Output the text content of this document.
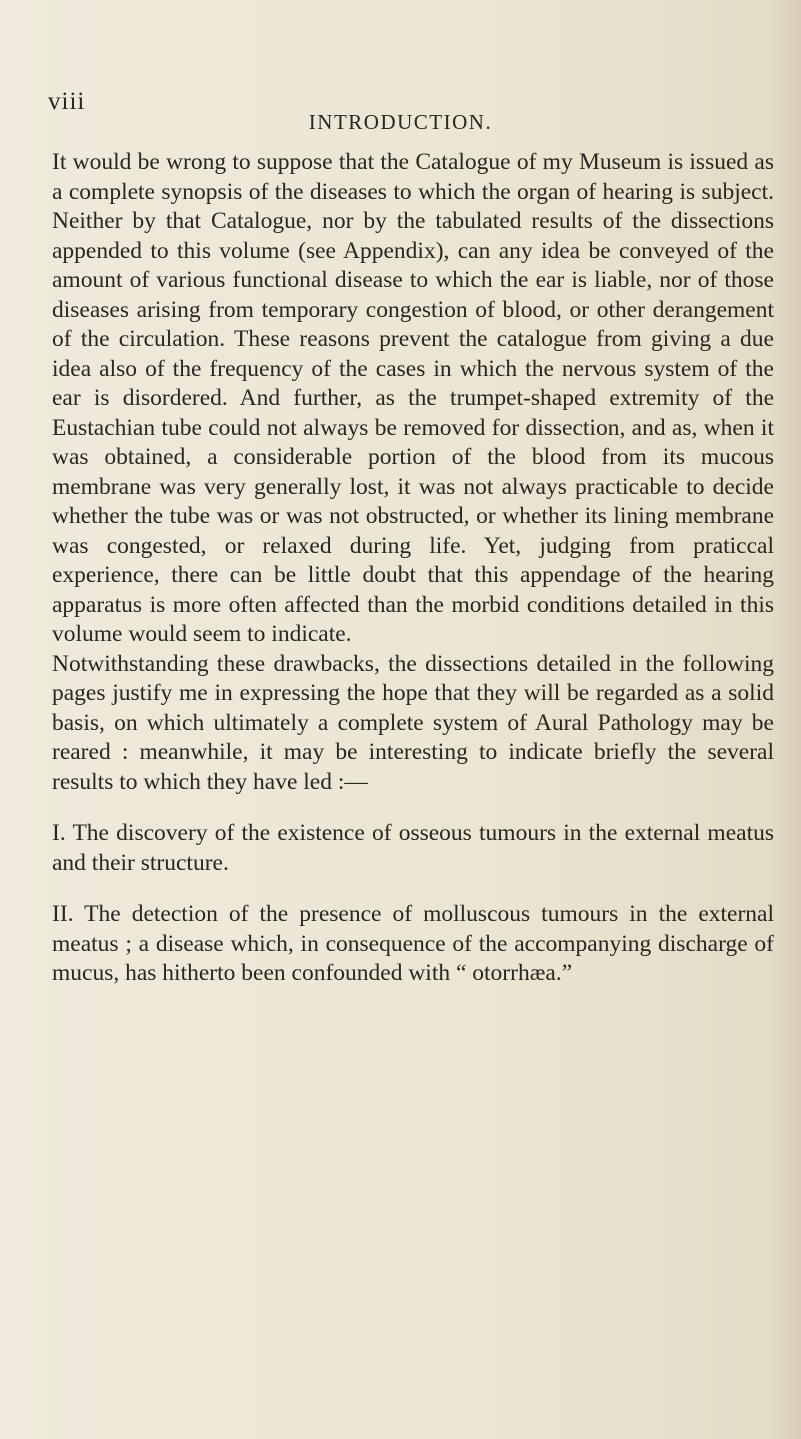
viii
INTRODUCTION.

It would be wrong to suppose that the Catalogue of my Museum is issued as a complete synopsis of the diseases to which the organ of hearing is subject. Neither by that Catalogue, nor by the tabulated results of the dissections appended to this volume (see Appendix), can any idea be conveyed of the amount of various functional disease to which the ear is liable, nor of those diseases arising from temporary congestion of blood, or other derangement of the circulation. These reasons prevent the catalogue from giving a due idea also of the frequency of the cases in which the nervous system of the ear is disordered. And further, as the trumpet-shaped extremity of the Eustachian tube could not always be removed for dissection, and as, when it was obtained, a considerable portion of the blood from its mucous membrane was very generally lost, it was not always practicable to decide whether the tube was or was not obstructed, or whether its lining membrane was congested, or relaxed during life. Yet, judging from praticcal experience, there can be little doubt that this appendage of the hearing apparatus is more often affected than the morbid conditions detailed in this volume would seem to indicate.

Notwithstanding these drawbacks, the dissections detailed in the following pages justify me in expressing the hope that they will be regarded as a solid basis, on which ultimately a complete system of Aural Pathology may be reared : meanwhile, it may be interesting to indicate briefly the several results to which they have led :—

I. The discovery of the existence of osseous tumours in the external meatus and their structure.

II. The detection of the presence of molluscous tumours in the external meatus ; a disease which, in consequence of the accompanying discharge of mucus, has hitherto been confounded with “ otorrhæa.”
